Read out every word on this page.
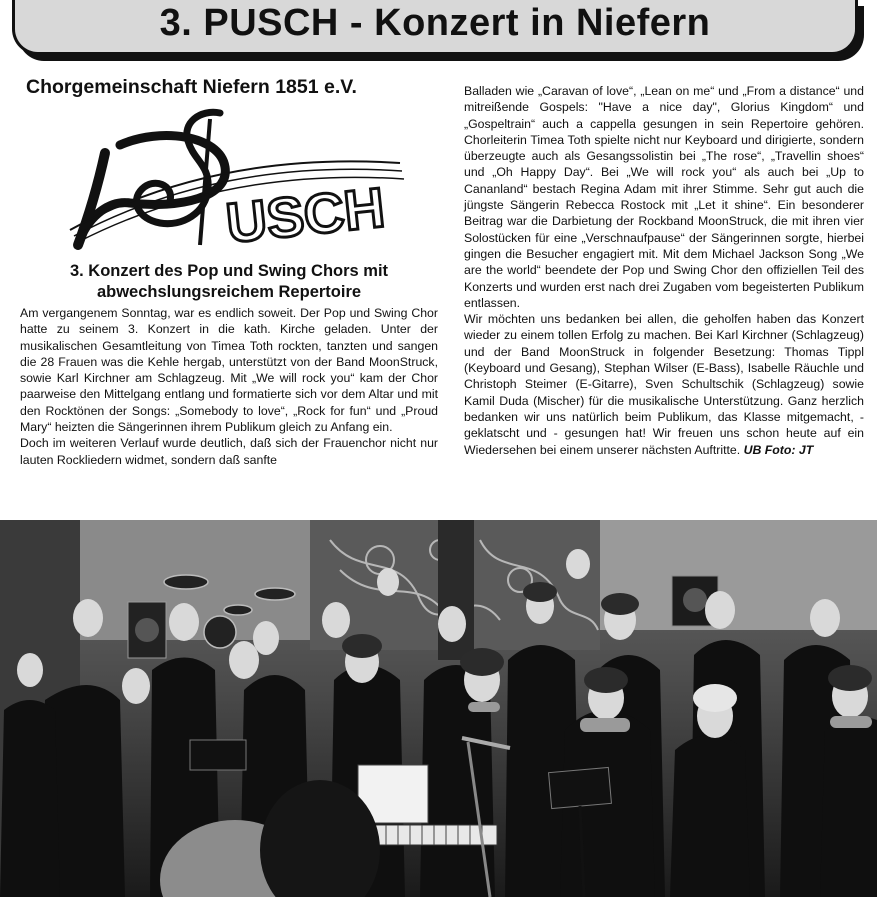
3. PUSCH - Konzert in Niefern
Chorgemeinschaft Niefern 1851 e.V.
USCH
3. Konzert des Pop und Swing Chors mit
abwechslungsreichem Repertoire

Am vergangenem Sonntag, war es endlich soweit. Der Pop und Swing Chor hatte zu seinem 3. Konzert in die kath. Kirche geladen. Unter der musikalischen Gesamtleitung von Timea Toth rockten, tanzten und sangen die 28 Frauen was die Kehle hergab, unterstützt von der Band MoonStruck, sowie Karl Kirchner am Schlagzeug. Mit „We will rock you“ kam der Chor paarweise den Mittelgang entlang und formatierte sich vor dem Altar und mit den Rocktönen der Songs: „Somebody to love“, „Rock for fun“ und „Proud Mary“ heizten die Sängerinnen ihrem Publikum gleich zu Anfang ein.

Doch im weiteren Verlauf wurde deutlich, daß sich der Frauenchor nicht nur lauten Rockliedern widmet, sondern daß sanfte

Balladen wie „Caravan of love“, „Lean on me“ und „From a distance“ und mitreißende Gospels: "Have a nice day", Glorius Kingdom“ und „Gospeltrain“ auch a cappella gesungen in sein Repertoire gehören. Chorleiterin Timea Toth spielte nicht nur Keyboard und dirigierte, sondern überzeugte auch als Gesangssolistin bei „The rose“, „Travellin shoes“ und „Oh Happy Day“. Bei „We will rock you“ als auch bei „Up to Cananland“ bestach Regina Adam mit ihrer Stimme. Sehr gut auch die jüngste Sängerin Rebecca Rostock mit „Let it shine“. Ein besonderer Beitrag war die Darbietung der Rockband MoonStruck, die mit ihren vier Solostücken für eine „Verschnaufpause“ der Sängerinnen sorgte, hierbei gingen die Besucher engagiert mit. Mit dem Michael Jackson Song „We are the world“ beendete der Pop und Swing Chor den offiziellen Teil des Konzerts und wurden erst nach drei Zugaben vom begeisterten Publikum entlassen.

Wir möchten uns bedanken bei allen, die geholfen haben das Konzert wieder zu einem tollen Erfolg zu machen. Bei Karl Kirchner (Schlagzeug) und der Band MoonStruck in folgender Besetzung: Thomas Tippl (Keyboard und Gesang), Stephan Wilser (E-Bass), Isabelle Räuchle und Christoph Steimer (E-Gitarre), Sven Schultschik (Schlagzeug) sowie Kamil Duda (Mischer) für die musikalische Unterstützung. Ganz herzlich bedanken wir uns natürlich beim Publikum, das Klasse mitgemacht, - geklatscht und - gesungen hat! Wir freuen uns schon heute auf ein Wiedersehen bei einem unserer nächsten Auftritte. UB Foto: JT
